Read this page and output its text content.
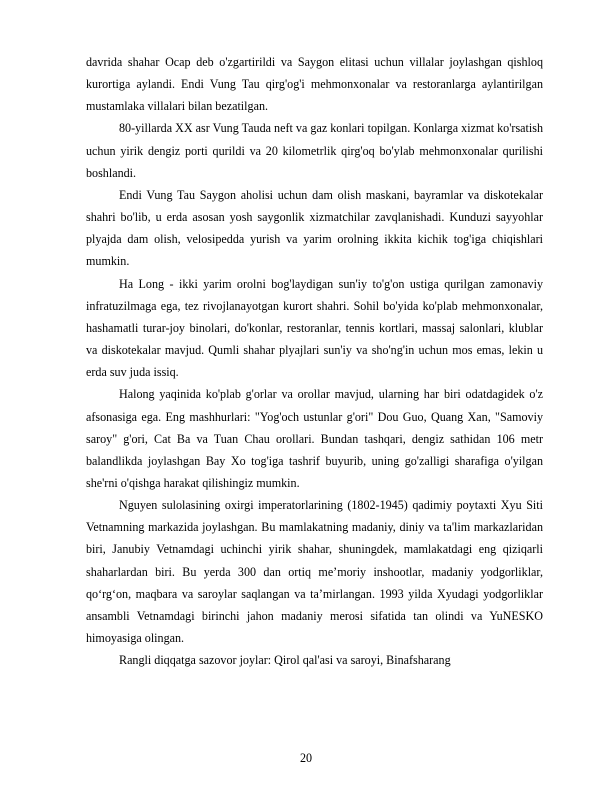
davrida shahar Ocap deb o'zgartirildi va Saygon elitasi uchun villalar joylashgan qishloq kurortiga aylandi. Endi Vung Tau qirg'og'i mehmonxonalar va restoranlarga aylantirilgan mustamlaka villalari bilan bezatilgan.

80-yillarda XX asr Vung Tauda neft va gaz konlari topilgan. Konlarga xizmat ko'rsatish uchun yirik dengiz porti qurildi va 20 kilometrlik qirg'oq bo'ylab mehmonxonalar qurilishi boshlandi.

Endi Vung Tau Saygon aholisi uchun dam olish maskani, bayramlar va diskotekalar shahri bo'lib, u erda asosan yosh saygonlik xizmatchilar zavqlanishadi. Kunduzi sayyohlar plyajda dam olish, velosipedda yurish va yarim orolning ikkita kichik tog'iga chiqishlari mumkin.

Ha Long - ikki yarim orolni bog'laydigan sun'iy to'g'on ustiga qurilgan zamonaviy infratuzilmaga ega, tez rivojlanayotgan kurort shahri. Sohil bo'yida ko'plab mehmonxonalar, hashamatli turar-joy binolari, do'konlar, restoranlar, tennis kortlari, massaj salonlari, klublar va diskotekalar mavjud. Qumli shahar plyajlari sun'iy va sho'ng'in uchun mos emas, lekin u erda suv juda issiq.

Halong yaqinida ko'plab g'orlar va orollar mavjud, ularning har biri odatdagidek o'z afsonasiga ega. Eng mashhurlari: "Yog'och ustunlar g'ori" Dou Guo, Quang Xan, "Samoviy saroy" g'ori, Cat Ba va Tuan Chau orollari. Bundan tashqari, dengiz sathidan 106 metr balandlikda joylashgan Bay Xo tog'iga tashrif buyurib, uning go'zalligi sharafiga o'yilgan she'rni o'qishga harakat qilishingiz mumkin.

Nguyen sulolasining oxirgi imperatorlarining (1802-1945) qadimiy poytaxti Xyu Siti Vetnamning markazida joylashgan. Bu mamlakatning madaniy, diniy va ta'lim markazlaridan biri, Janubiy Vetnamdagi uchinchi yirik shahar, shuningdek, mamlakatdagi eng qiziqarli shaharlardan biri. Bu yerda 300 dan ortiq meʼmoriy inshootlar, madaniy yodgorliklar, qoʻrgʻon, maqbara va saroylar saqlangan va taʼmirlangan. 1993 yilda Xyudagi yodgorliklar ansambli Vetnamdagi birinchi jahon madaniy merosi sifatida tan olindi va YuNESKO himoyasiga olingan.

Rangli diqqatga sazovor joylar: Qirol qal'asi va saroyi, Binafsharang

20
